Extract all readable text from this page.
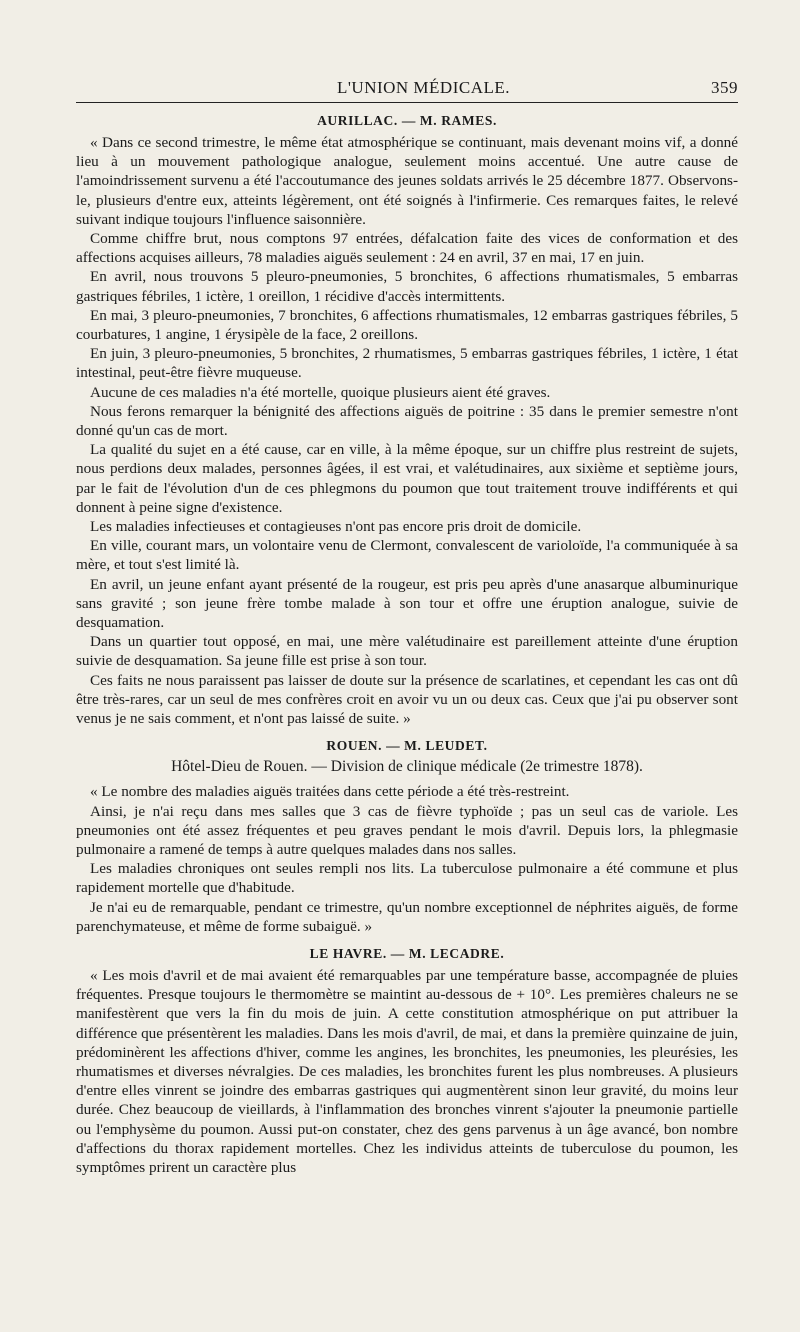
L'UNION MÉDICALE.	359
AURILLAC. — M. RAMES.

« Dans ce second trimestre, le même état atmosphérique se continuant, mais devenant moins vif, a donné lieu à un mouvement pathologique analogue, seulement moins accentué. Une autre cause de l'amoindrissement survenu a été l'accoutumance des jeunes soldats arrivés le 25 décembre 1877. Observons-le, plusieurs d'entre eux, atteints légèrement, ont été soignés à l'infirmerie. Ces remarques faites, le relevé suivant indique toujours l'influence saisonnière.

Comme chiffre brut, nous comptons 97 entrées, défalcation faite des vices de conformation et des affections acquises ailleurs, 78 maladies aiguës seulement : 24 en avril, 37 en mai, 17 en juin.

En avril, nous trouvons 5 pleuro-pneumonies, 5 bronchites, 6 affections rhumatismales, 5 embarras gastriques fébriles, 1 ictère, 1 oreillon, 1 récidive d'accès intermittents.

En mai, 3 pleuro-pneumonies, 7 bronchites, 6 affections rhumatismales, 12 embarras gastriques fébriles, 5 courbatures, 1 angine, 1 érysipèle de la face, 2 oreillons.

En juin, 3 pleuro-pneumonies, 5 bronchites, 2 rhumatismes, 5 embarras gastriques fébriles, 1 ictère, 1 état intestinal, peut-être fièvre muqueuse.

Aucune de ces maladies n'a été mortelle, quoique plusieurs aient été graves.

Nous ferons remarquer la bénignité des affections aiguës de poitrine : 35 dans le premier semestre n'ont donné qu'un cas de mort.

La qualité du sujet en a été cause, car en ville, à la même époque, sur un chiffre plus restreint de sujets, nous perdions deux malades, personnes âgées, il est vrai, et valétudinaires, aux sixième et septième jours, par le fait de l'évolution d'un de ces phlegmons du poumon que tout traitement trouve indifférents et qui donnent à peine signe d'existence.

Les maladies infectieuses et contagieuses n'ont pas encore pris droit de domicile.

En ville, courant mars, un volontaire venu de Clermont, convalescent de varioloïde, l'a communiquée à sa mère, et tout s'est limité là.

En avril, un jeune enfant ayant présenté de la rougeur, est pris peu après d'une anasarque albuminurique sans gravité ; son jeune frère tombe malade à son tour et offre une éruption analogue, suivie de desquamation.

Dans un quartier tout opposé, en mai, une mère valétudinaire est pareillement atteinte d'une éruption suivie de desquamation. Sa jeune fille est prise à son tour.

Ces faits ne nous paraissent pas laisser de doute sur la présence de scarlatines, et cependant les cas ont dû être très-rares, car un seul de mes confrères croit en avoir vu un ou deux cas. Ceux que j'ai pu observer sont venus je ne sais comment, et n'ont pas laissé de suite. »

ROUEN. — M. LEUDET.
Hôtel-Dieu de Rouen. — Division de clinique médicale (2e trimestre 1878).

« Le nombre des maladies aiguës traitées dans cette période a été très-restreint.

Ainsi, je n'ai reçu dans mes salles que 3 cas de fièvre typhoïde ; pas un seul cas de variole. Les pneumonies ont été assez fréquentes et peu graves pendant le mois d'avril. Depuis lors, la phlegmasie pulmonaire a ramené de temps à autre quelques malades dans nos salles.

Les maladies chroniques ont seules rempli nos lits. La tuberculose pulmonaire a été commune et plus rapidement mortelle que d'habitude.

Je n'ai eu de remarquable, pendant ce trimestre, qu'un nombre exceptionnel de néphrites aiguës, de forme parenchymateuse, et même de forme subaiguë. »

LE HAVRE. — M. LECADRE.

« Les mois d'avril et de mai avaient été remarquables par une température basse, accompagnée de pluies fréquentes. Presque toujours le thermomètre se maintint au-dessous de + 10°. Les premières chaleurs ne se manifestèrent que vers la fin du mois de juin. A cette constitution atmosphérique on put attribuer la différence que présentèrent les maladies. Dans les mois d'avril, de mai, et dans la première quinzaine de juin, prédominèrent les affections d'hiver, comme les angines, les bronchites, les pneumonies, les pleurésies, les rhumatismes et diverses névralgies. De ces maladies, les bronchites furent les plus nombreuses. A plusieurs d'entre elles vinrent se joindre des embarras gastriques qui augmentèrent sinon leur gravité, du moins leur durée. Chez beaucoup de vieillards, à l'inflammation des bronches vinrent s'ajouter la pneumonie partielle ou l'emphysème du poumon. Aussi put-on constater, chez des gens parvenus à un âge avancé, bon nombre d'affections du thorax rapidement mortelles. Chez les individus atteints de tuberculose du poumon, les symptômes prirent un caractère plus
